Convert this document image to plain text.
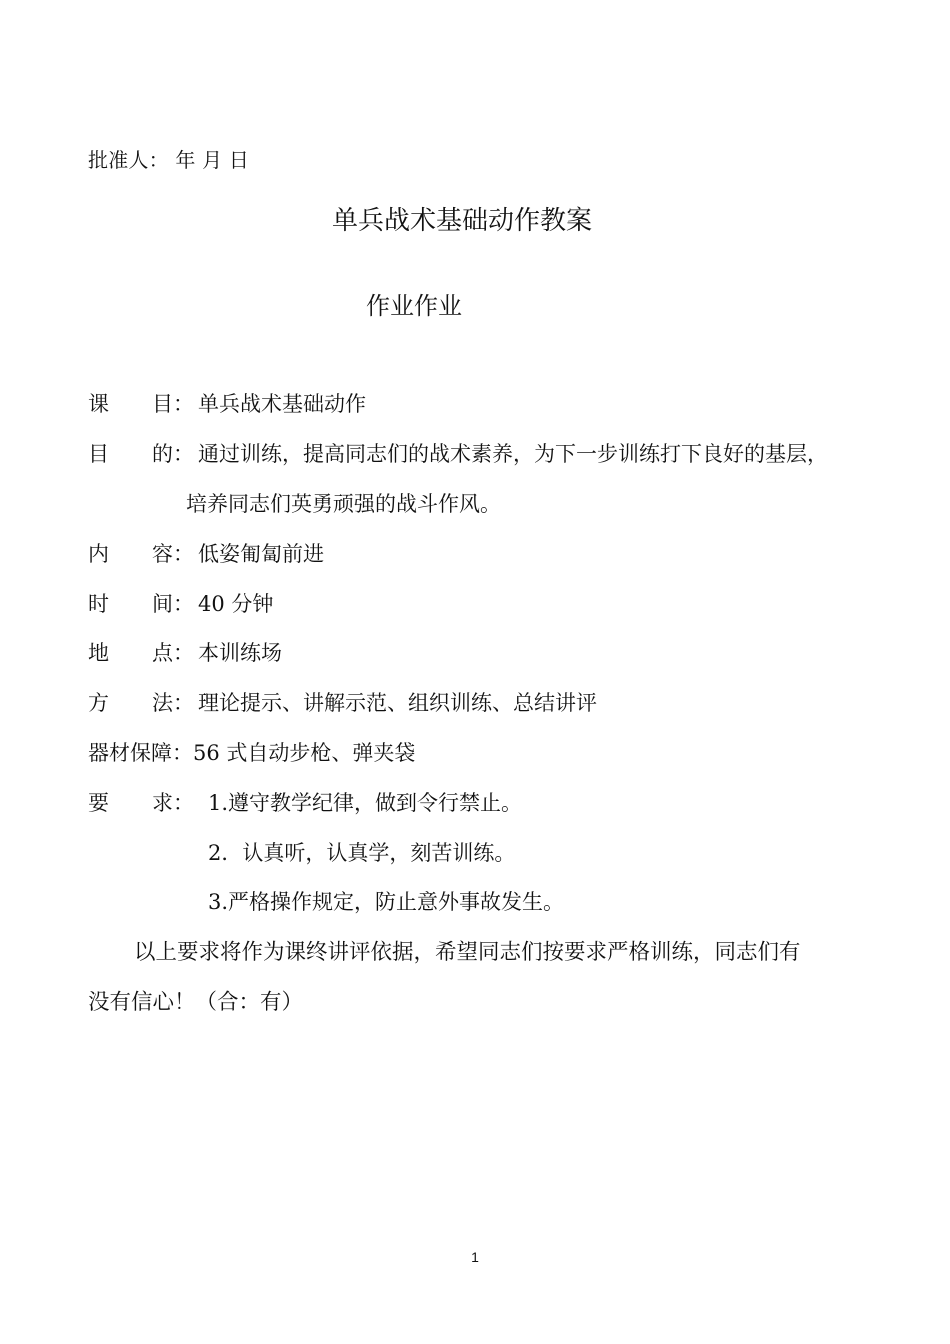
批准人： 年 月 日
单兵战术基础动作教案
作业作业
课 目： 单兵战术基础动作
目 的： 通过训练，提高同志们的战术素养，为下一步训练打下良好的基层，
培养同志们英勇顽强的战斗作风。
内 容： 低姿匍匐前进
时 间： 40 分钟
地 点： 本训练场
方 法： 理论提示、讲解示范、组织训练、总结讲评
器材保障：56 式自动步枪、弹夹袋
要 求： 1.遵守教学纪律，做到令行禁止。
2．认真听，认真学，刻苦训练。
3.严格操作规定，防止意外事故发生。
以上要求将作为课终讲评依据，希望同志们按要求严格训练，同志们有
没有信心！（合：有）
1
